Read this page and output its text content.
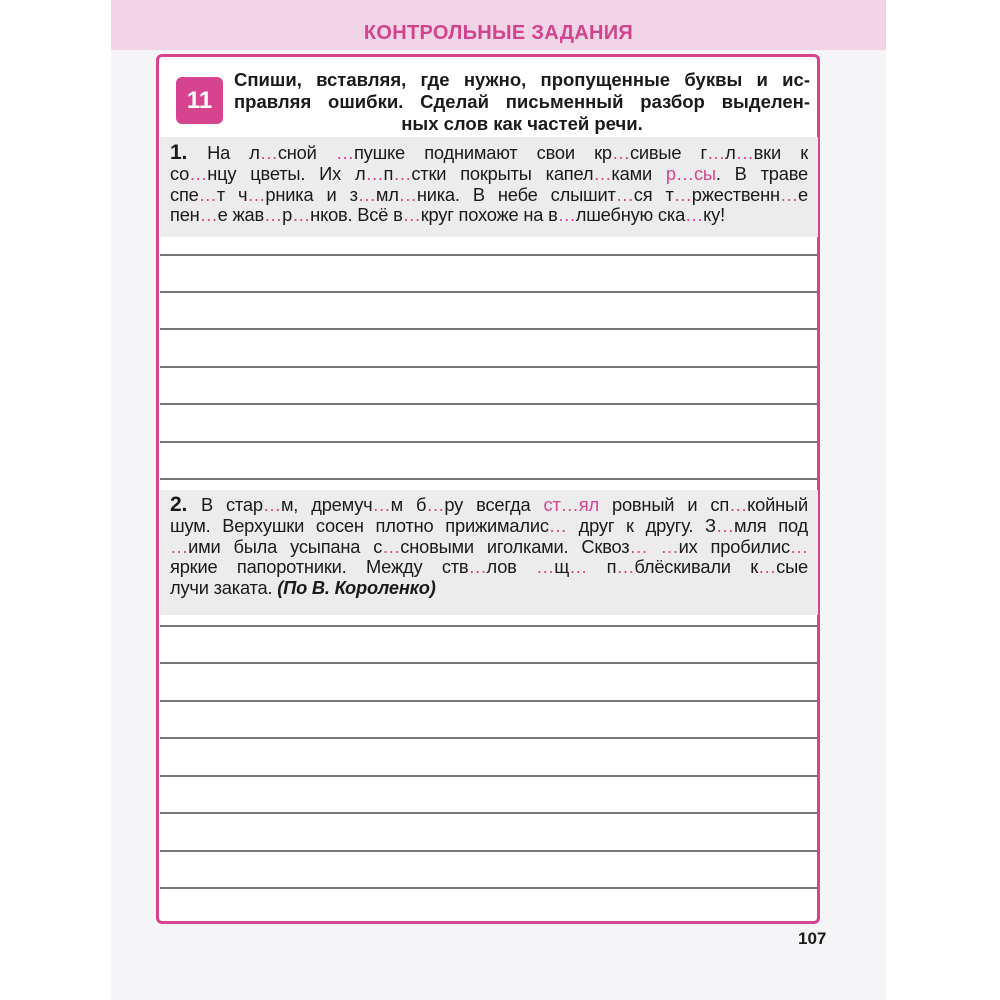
КОНТРОЛЬНЫЕ ЗАДАНИЯ
11
Спиши, вставляя, где нужно, пропущенные буквы и ис-
правляя ошибки. Сделай письменный разбор выделен-
ных слов как частей речи.
1. На л…сной …пушке поднимают свои кр…сивые г…л…вки к
со…нцу цветы. Их л…п…стки покрыты капел…ками р…сы. В траве
спе…т ч…рника и з…мл…ника. В небе слышит…ся т…ржественн…е
пен…е жав…р…нков. Всё в…круг похоже на в…лшебную ска…ку!
2. В стар…м, дремуч…м б…ру всегда ст…ял ровный и сп…койный
шум. Верхушки сосен плотно прижималис… друг к другу. З…мля под
…ими была усыпана с…сновыми иголками. Сквоз… …их пробилис…
яркие папоротники. Между ств…лов …щ… п…блёскивали к…сые
лучи заката. (По В. Короленко)
107
